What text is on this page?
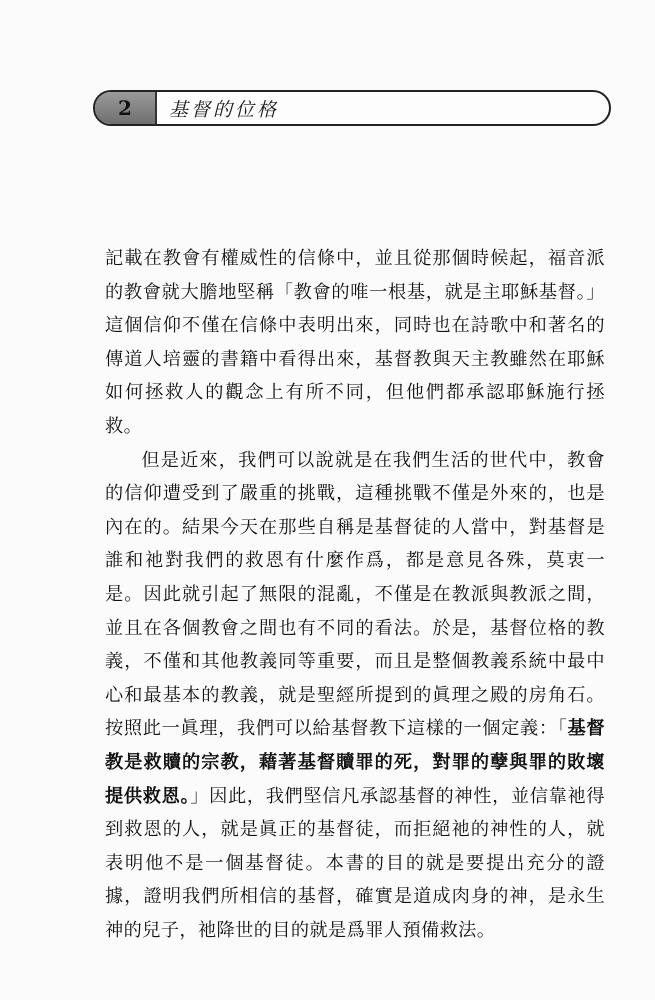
2	基督的位格

記載在教會有權威性的信條中，並且從那個時候起，福音派的教會就大膽地堅稱「教會的唯一根基，就是主耶穌基督。」這個信仰不僅在信條中表明出來，同時也在詩歌中和著名的傳道人培靈的書籍中看得出來，基督教與天主教雖然在耶穌如何拯救人的觀念上有所不同，但他們都承認耶穌施行拯救。

但是近來，我們可以說就是在我們生活的世代中，教會的信仰遭受到了嚴重的挑戰，這種挑戰不僅是外來的，也是內在的。結果今天在那些自稱是基督徒的人當中，對基督是誰和祂對我們的救恩有什麼作爲，都是意見各殊，莫衷一是。因此就引起了無限的混亂，不僅是在教派與教派之間，並且在各個教會之間也有不同的看法。於是，基督位格的教義，不僅和其他教義同等重要，而且是整個教義系統中最中心和最基本的教義，就是聖經所提到的眞理之殿的房角石。按照此一眞理，我們可以給基督教下這樣的一個定義：「基督教是救贖的宗教，藉著基督贖罪的死，對罪的孽與罪的敗壞提供救恩。」因此，我們堅信凡承認基督的神性，並信靠祂得到救恩的人，就是眞正的基督徒，而拒絕祂的神性的人，就表明他不是一個基督徒。本書的目的就是要提出充分的證據，證明我們所相信的基督，確實是道成肉身的神，是永生神的兒子，祂降世的目的就是爲罪人預備救法。
